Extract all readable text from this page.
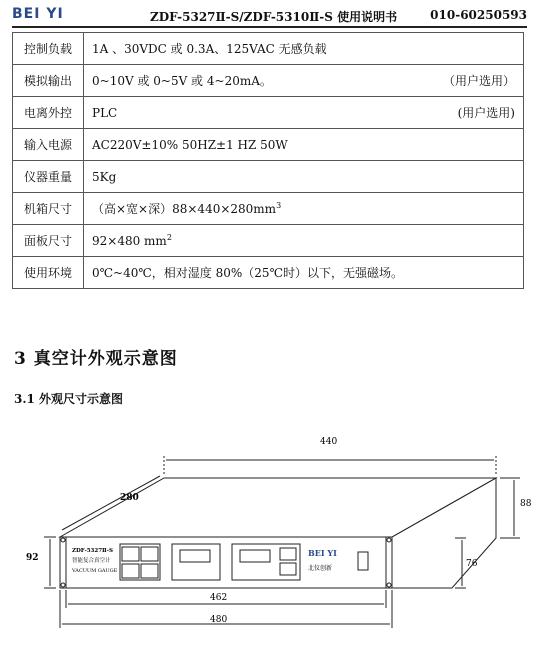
BEI YI	ZDF-5327Ⅱ-S/ZDF-5310Ⅱ-S 使用说明书	010-60250593
控制负载	1A 、30VDC 或 0.3A、125VAC 无感负载

模拟输出	0~10V 或 0~5V 或 4~20mA。 （用户选用）

电离外控	PLC (用户选用)

输入电源	AC220V±10% 50HZ±1 HZ 50W

仪器重量	5Kg

机箱尺寸	（高×宽×深）$88\times 440\times 280mm^3$

面板尺寸	92×480 $mm^2$

使用环境	0℃~40℃，相对湿度 80%（25℃时）以下，无强磁场。
3 真空计外观示意图
3.1 外观尺寸示意图
440
88
280
92
76
462
480
ZDF-5327Ⅱ-S
智能复合真空计
VACUUM GAUGE
BEI YI
北仪创新
